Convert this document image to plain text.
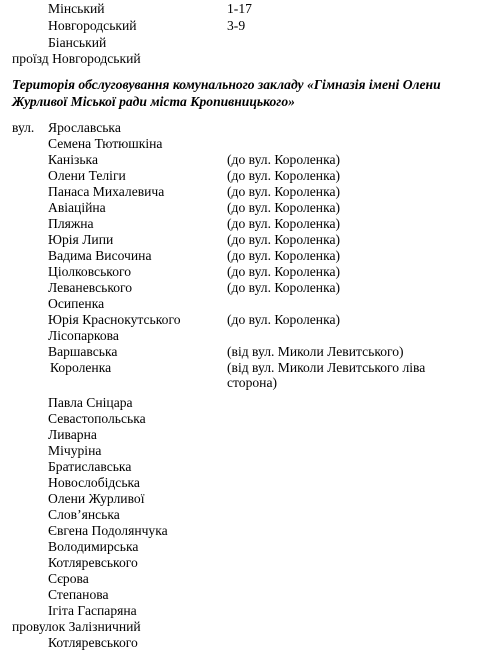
Мінський	1-17
Новгородський	3-9
Біанський
проїзд Новгородський
Територія обслуговування комунального закладу «Гімназія імені Олени
Журливої Міської ради міста Кропивницького»
вул. Ярославська
Семена Тютюшкіна
Канізька	(до вул. Короленка)
Олени Теліги	(до вул. Короленка)
Панаса Михалевича	(до вул. Короленка)
Авіаційна	(до вул. Короленка)
Пляжна	(до вул. Короленка)
Юрія Липи	(до вул. Короленка)
Вадима Височина	(до вул. Короленка)
Ціолковського	(до вул. Короленка)
Леваневського	(до вул. Короленка)
Осипенка
Юрія Краснокутського	(до вул. Короленка)
Лісопаркова
Варшавська	(від вул. Миколи Левитського)
Короленка	(від вул. Миколи Левитського ліва
сторона)
Павла Сніцара
Севастопольська
Ливарна
Мічуріна
Братиславська
Новослобідська
Олени Журливої
Слов’янська
Євгена Подолянчука
Володимирська
Котляревського
Сєрова
Степанова
Ігіта Гаспаряна
провулок Залізничний
Котляревського
